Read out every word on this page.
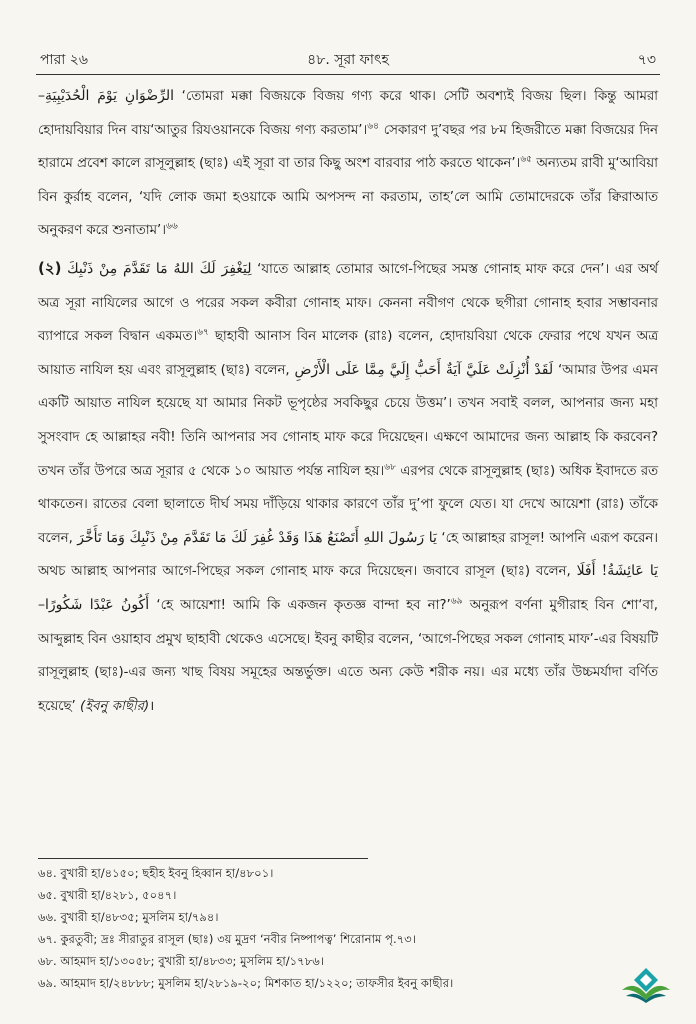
পারা ২৬	৪৮. সূরা ফাৎহ	৭৩

الرِّضْوَانِ يَوْمَ الْحُدَيْبِيَةِ– ‘তোমরা মক্কা বিজয়কে বিজয় গণ্য করে থাক। সেটি অবশ্যই বিজয় ছিল। কিন্তু আমরা হোদায়বিয়ার দিন বায়‘আতুর রিযওয়ানকে বিজয় গণ্য করতাম’।$^{৬৪}$ সেকারণ দু’বছর পর ৮ম হিজরীতে মক্কা বিজয়ের দিন হারামে প্রবেশ কালে রাসূলুল্লাহ (ছাঃ) এই সূরা বা তার কিছু অংশ বারবার পাঠ করতে থাকেন’।$^{৬৫}$ অন্যতম রাবী মু‘আবিয়া বিন কুর্রাহ বলেন, ‘যদি লোক জমা হওয়াকে আমি অপসন্দ না করতাম, তাহ’লে আমি তোমাদেরকে তাঁর ক্বিরাআত অনুকরণ করে শুনাতাম’।$^{৬৬}$

(২) لِيَغْفِرَ لَكَ اللهُ مَا تَقَدَّمَ مِنْ ذَنْبِكَ ‘যাতে আল্লাহ তোমার আগে-পিছের সমস্ত গোনাহ মাফ করে দেন’। এর অর্থ অত্র সূরা নাযিলের আগে ও পরের সকল কবীরা গোনাহ মাফ। কেননা নবীগণ থেকে ছগীরা গোনাহ হবার সম্ভাবনার ব্যাপারে সকল বিদ্বান একমত।$^{৬৭}$ ছাহাবী আনাস বিন মালেক (রাঃ) বলেন, হোদায়বিয়া থেকে ফেরার পথে যখন অত্র আয়াত নাযিল হয় এবং রাসূলুল্লাহ (ছাঃ) বলেন, لَقَدْ أُنْزِلَتْ عَلَيَّ آيَةٌ أَحَبُّ إِلَيَّ مِمَّا عَلَى الْأَرْضِ ‘আমার উপর এমন একটি আয়াত নাযিল হয়েছে যা আমার নিকট ভূপৃষ্ঠের সবকিছুর চেয়ে উত্তম’। তখন সবাই বলল, আপনার জন্য মহা সুসংবাদ হে আল্লাহর নবী! তিনি আপনার সব গোনাহ মাফ করে দিয়েছেন। এক্ষণে আমাদের জন্য আল্লাহ কি করবেন? তখন তাঁর উপরে অত্র সূরার ৫ থেকে ১০ আয়াত পর্যন্ত নাযিল হয়।$^{৬৮}$ এরপর থেকে রাসূলুল্লাহ (ছাঃ) অধিক ইবাদতে রত থাকতেন। রাতের বেলা ছালাতে দীর্ঘ সময় দাঁড়িয়ে থাকার কারণে তাঁর দু’পা ফুলে যেত। যা দেখে আয়েশা (রাঃ) তাঁকে বলেন, يَا رَسُولَ اللهِ أَتَصْنَعُ هَذَا وَقَدْ غُفِرَ لَكَ مَا تَقَدَّمَ مِنْ ذَنْبِكَ وَمَا تَأَخَّرَ ‘হে আল্লাহর রাসূল! আপনি এরূপ করেন। অথচ আল্লাহ আপনার আগে-পিছের সকল গোনাহ মাফ করে দিয়েছেন। জবাবে রাসূল (ছাঃ) বলেন, يَا عَائِشَةُ! أَفَلَا أَكُونُ عَبْدًا شَكُورًا– ‘হে আয়েশা! আমি কি একজন কৃতজ্ঞ বান্দা হব না?’$^{৬৯}$ অনুরূপ বর্ণনা মুগীরাহ বিন শো‘বা, আব্দুল্লাহ বিন ওয়াহাব প্রমুখ ছাহাবী থেকেও এসেছে। ইবনু কাছীর বলেন, ‘আগে-পিছের সকল গোনাহ মাফ’-এর বিষয়টি রাসূলুল্লাহ (ছাঃ)-এর জন্য খাছ বিষয় সমূহের অন্তর্ভুক্ত। এতে অন্য কেউ শরীক নয়। এর মধ্যে তাঁর উচ্চমর্যাদা বর্ণিত হয়েছে’ (ইবনু কাছীর)।

৬৪. বুখারী হা/৪১৫০; ছহীহ ইবনু হিব্বান হা/৪৮০১।
৬৫. বুখারী হা/৪২৮১, ৫০৪৭।
৬৬. বুখারী হা/৪৮৩৫; মুসলিম হা/৭৯৪।
৬৭. কুরতুবী; দ্রঃ সীরাতুর রাসূল (ছাঃ) ৩য় মুদ্রণ ‘নবীর নিষ্পাপত্ব’ শিরোনাম পৃ.৭৩।
৬৮. আহমাদ হা/১৩০৫৮; বুখারী হা/৪৮৩৩; মুসলিম হা/১৭৮৬।
৬৯. আহমাদ হা/২৪৮৮৮; মুসলিম হা/২৮১৯-২০; মিশকাত হা/১২২০; তাফসীর ইবনু কাছীর।
